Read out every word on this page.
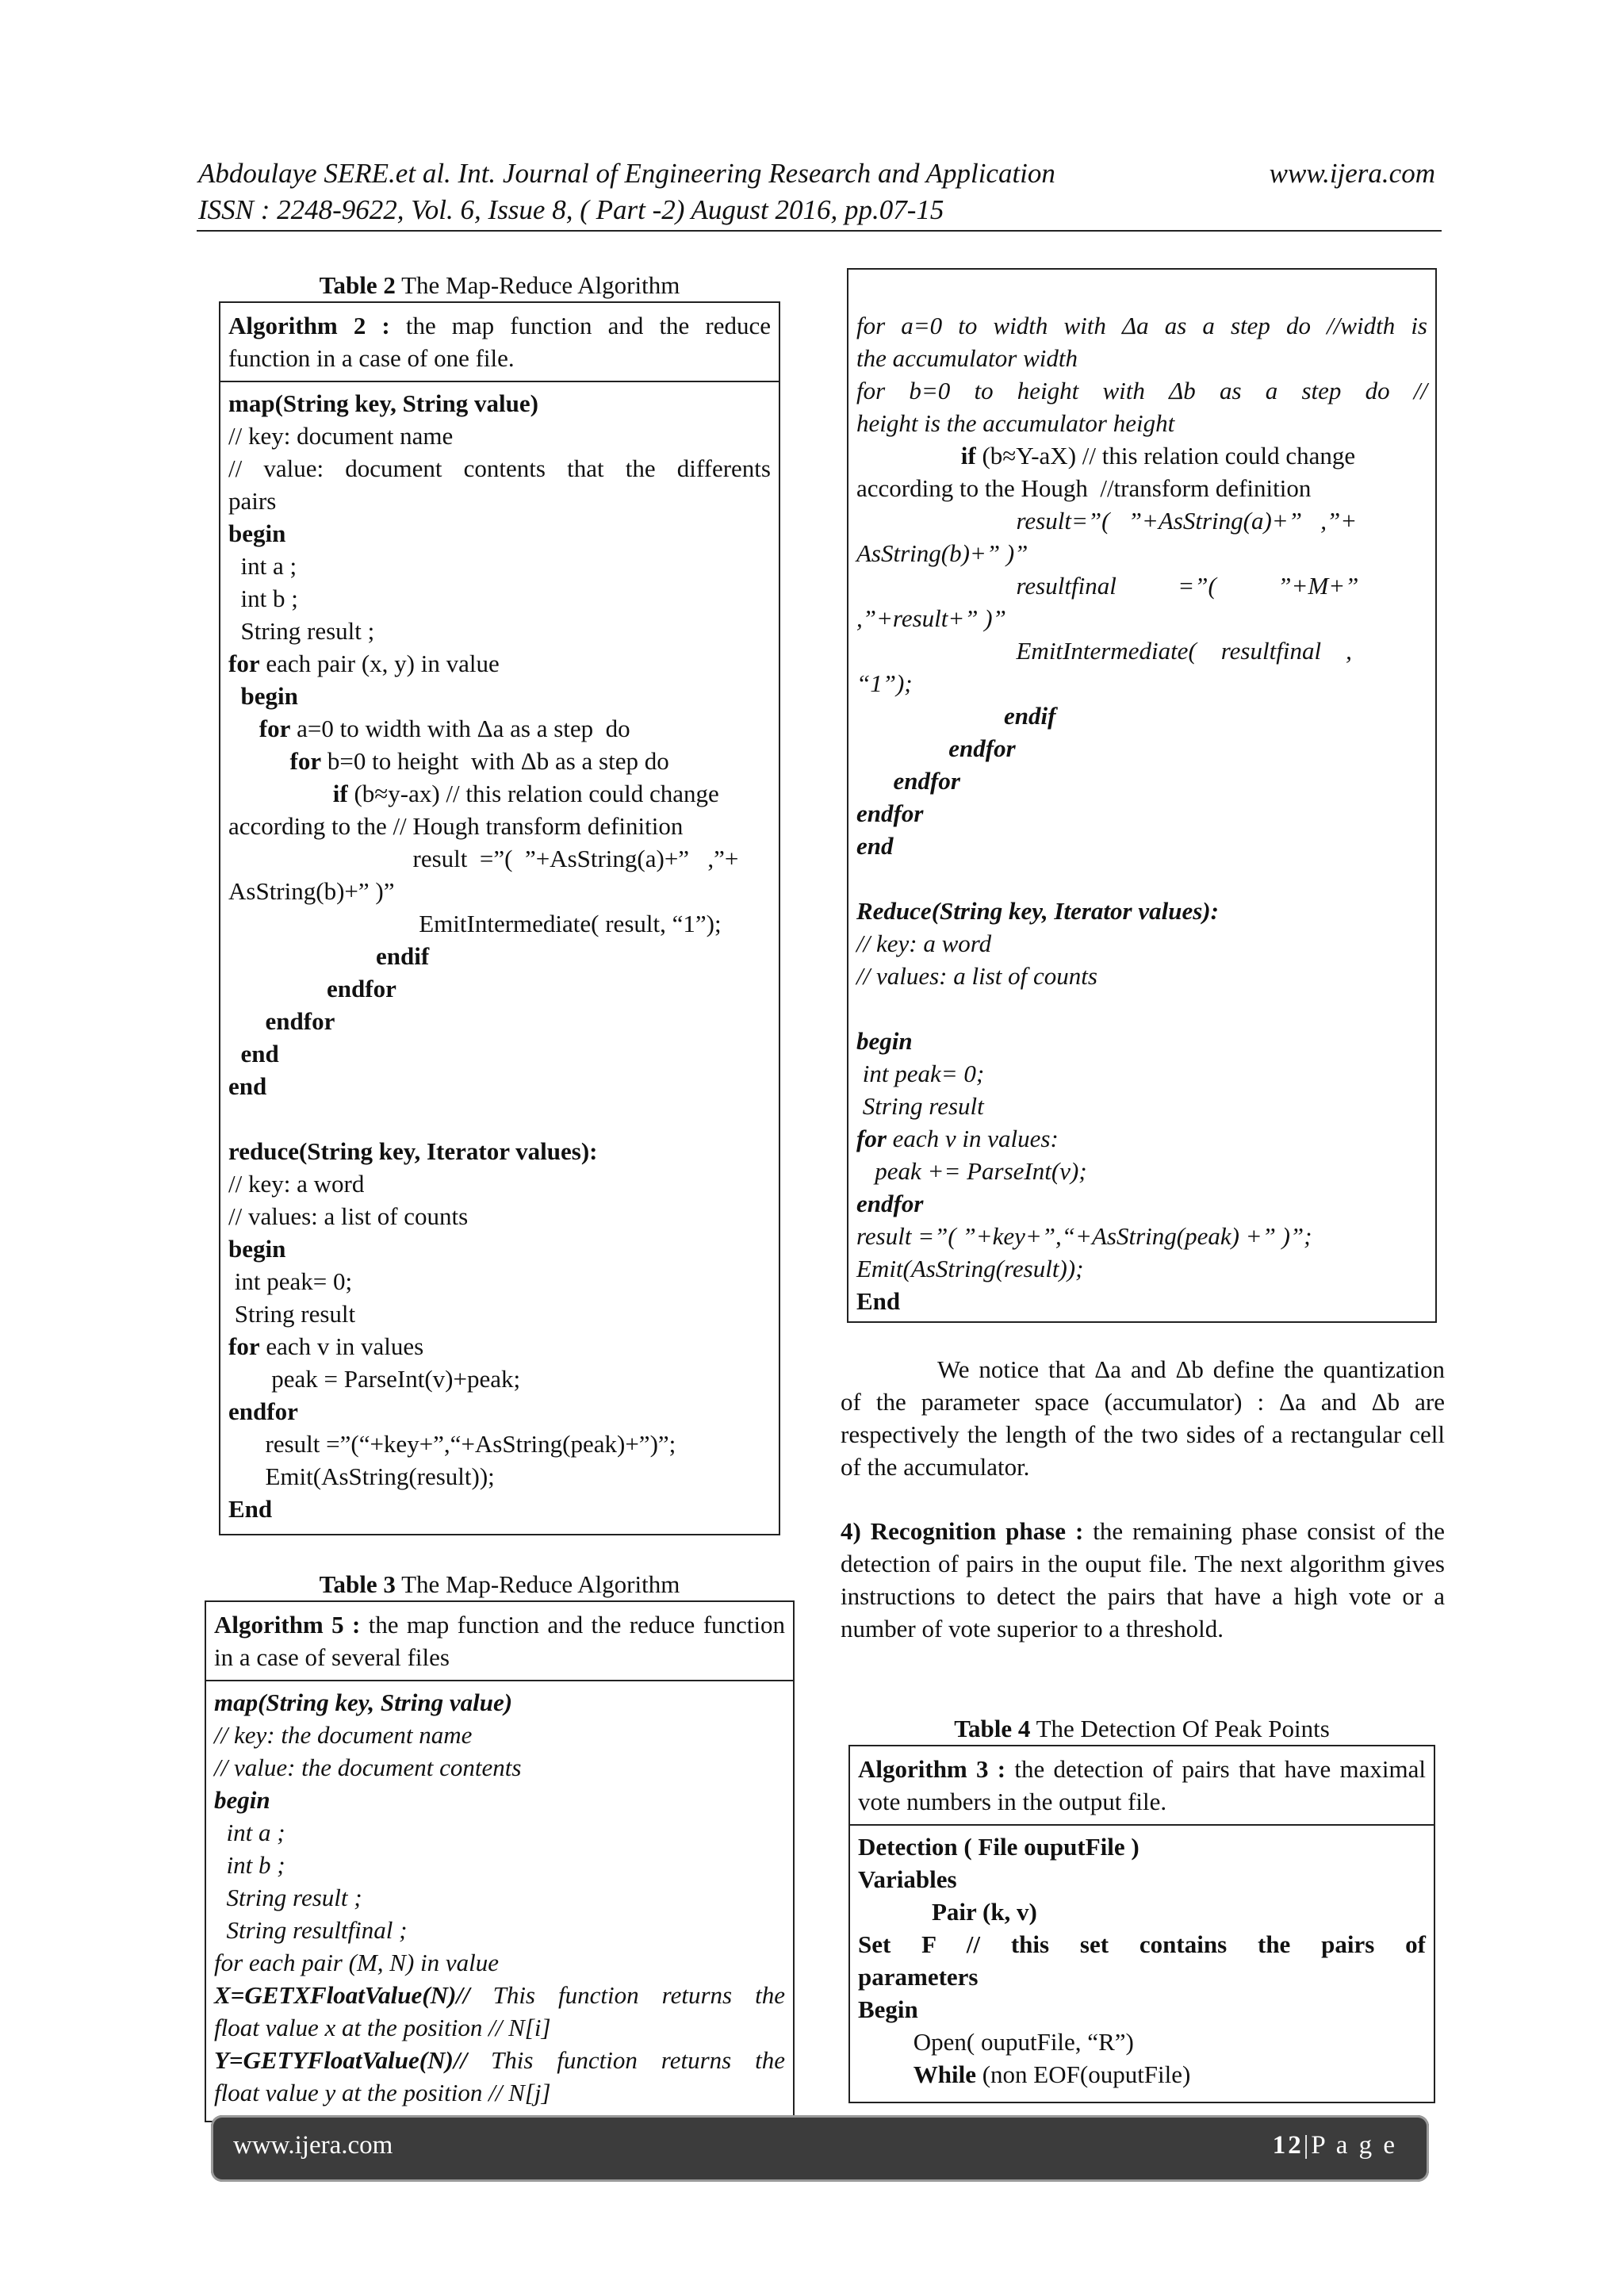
Abdoulaye SERE.et al. Int. Journal of Engineering Research and Application	www.ijera.com
ISSN : 2248-9622, Vol. 6, Issue 8, ( Part -2) August 2016, pp.07-15
Table 2 The Map-Reduce Algorithm
Algorithm 2 : the map function and the reduce function in a case of one file.
map(String key, String value)
// key: document name
// value: document contents that the differents
pairs
begin
int a ;
int b ;
String result ;
for each pair (x, y) in value
begin
for a=0 to width with Δa as a step  do
for b=0 to height  with Δb as a step do
if (b≈y-ax) // this relation could change
according to the // Hough transform definition
result  =”(  ”+AsString(a)+”   ,”+
AsString(b)+” )”
EmitIntermediate( result, “1”);
endif
endfor
endfor
end
end
reduce(String key, Iterator values):
// key: a word
// values: a list of counts
begin
int peak= 0;
String result
for each v in values
peak = ParseInt(v)+peak;
endfor
result =”(“+key+”,“+AsString(peak)+”)”;
Emit(AsString(result));
End
Table 3 The Map-Reduce Algorithm
Algorithm 5 : the map function and the reduce function in a case of several files
map(String key, String value)
// key: the document name
// value: the document contents
begin
int a ;
int b ;
String result ;
String resultfinal ;
for each pair (M, N) in value
X=GETXFloatValue(N)// This function returns the
float value x at the position // N[i]
Y=GETYFloatValue(N)// This function returns the
float value y at the position // N[j]
for a=0 to width with Δa as a step do //width is
the accumulator width
for b=0 to height with Δb as a step do //
height is the accumulator height
if (b≈Y-aX) // this relation could change
according to the Hough  //transform definition
result=”(   ”+AsString(a)+”   ,”+
AsString(b)+” )”
resultfinal          =”(          ”+M+”
,”+result+” )”
EmitIntermediate(    resultfinal    ,
“1”);
endif
endfor
endfor
endfor
end
Reduce(String key, Iterator values):
// key: a word
// values: a list of counts
begin
int peak= 0;
String result
for each v in values:
peak += ParseInt(v);
endfor
result =”( ”+key+”,“+AsString(peak) +” )”;
Emit(AsString(result));
End
We notice that Δa and Δb define the quantization of the parameter space (accumulator) : Δa and Δb are respectively the length of the two sides of a rectangular cell of the accumulator.
4) Recognition phase : the remaining phase consist of the detection of pairs in the ouput file. The next algorithm gives instructions to detect the pairs that have a high vote or a number of vote superior to a threshold.
Table 4 The Detection Of Peak Points
Algorithm 3 : the detection of pairs that have maximal vote numbers in the output file.
Detection ( File ouputFile )
Variables
Pair (k, v)
Set F // this set contains the pairs of
parameters
Begin
Open( ouputFile, “R”)
While (non EOF(ouputFile)
www.ijera.com	12|P a g e
